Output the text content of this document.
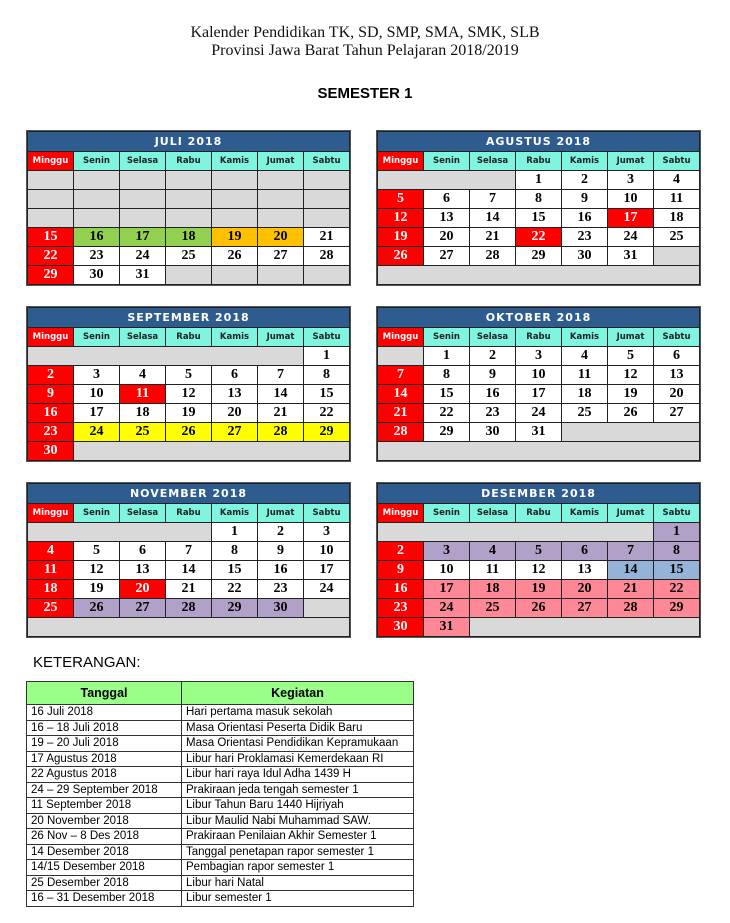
Kalender Pendidikan TK, SD, SMP, SMA, SMK, SLB
Provinsi Jawa Barat Tahun Pelajaran 2018/2019
SEMESTER 1
JULI 2018						
Minggu	Senin	Selasa	Rabu	Kamis	Jumat	Sabtu

15	16	17	18	19	20	21
22	23	24	25	26	27	28
29	30	31				
AGUSTUS 2018						
Minggu	Senin	Selasa	Rabu	Kamis	Jumat	Sabtu
			1	2	3	4
5	6	7	8	9	10	11
12	13	14	15	16	17	18
19	20	21	22	23	24	25
26	27	28	29	30	31	

SEPTEMBER 2018						
Minggu	Senin	Selasa	Rabu	Kamis	Jumat	Sabtu
						1
2	3	4	5	6	7	8
9	10	11	12	13	14	15
16	17	18	19	20	21	22
23	24	25	26	27	28	29
30						
OKTOBER 2018						
Minggu	Senin	Selasa	Rabu	Kamis	Jumat	Sabtu
	1	2	3	4	5	6
7	8	9	10	11	12	13
14	15	16	17	18	19	20
21	22	23	24	25	26	27
28	29	30	31			

NOVEMBER 2018						
Minggu	Senin	Selasa	Rabu	Kamis	Jumat	Sabtu
				1	2	3
4	5	6	7	8	9	10
11	12	13	14	15	16	17
18	19	20	21	22	23	24
25	26	27	28	29	30	

DESEMBER 2018						
Minggu	Senin	Selasa	Rabu	Kamis	Jumat	Sabtu
						1
2	3	4	5	6	7	8
9	10	11	12	13	14	15
16	17	18	19	20	21	22
23	24	25	26	27	28	29
30	31					
KETERANGAN:
Tanggal	Kegiatan
16 Juli 2018	Hari pertama masuk sekolah
16 – 18 Juli 2018	Masa Orientasi Peserta Didik Baru
19 – 20 Juli 2018	Masa Orientasi Pendidikan Kepramukaan
17 Agustus 2018	Libur hari Proklamasi Kemerdekaan RI
22 Agustus 2018	Libur hari raya Idul Adha 1439 H
24 – 29 September 2018	Prakiraan jeda tengah semester 1
11 September 2018	Libur Tahun Baru 1440 Hijriyah
20 November 2018	Libur Maulid Nabi Muhammad SAW.
26 Nov – 8 Des 2018	Prakiraan Penilaian Akhir Semester 1
14 Desember 2018	Tanggal penetapan rapor semester 1
14/15 Desember 2018	Pembagian rapor semester 1
25 Desember 2018	Libur hari Natal
16 – 31 Desember 2018	Libur semester 1
